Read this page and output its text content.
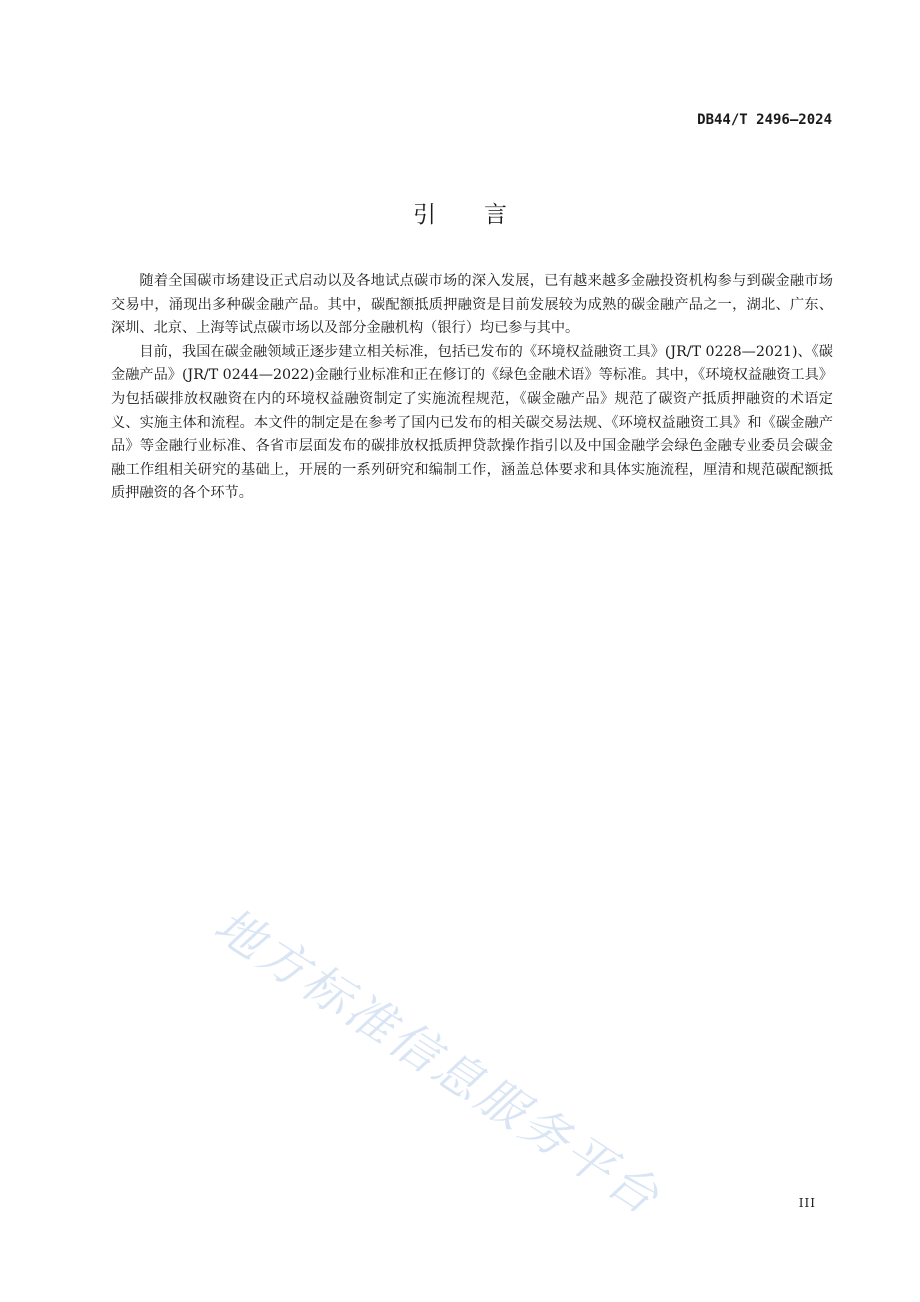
DB44/T 2496—2024
引 言

随着全国碳市场建设正式启动以及各地试点碳市场的深入发展，已有越来越多金融投资机构参与到碳金融市场交易中，涌现出多种碳金融产品。其中，碳配额抵质押融资是目前发展较为成熟的碳金融产品之一，湖北、广东、深圳、北京、上海等试点碳市场以及部分金融机构（银行）均已参与其中。

目前，我国在碳金融领域正逐步建立相关标准，包括已发布的《环境权益融资工具》(JR/T 0228—2021)、《碳金融产品》(JR/T 0244—2022)金融行业标准和正在修订的《绿色金融术语》等标准。其中，《环境权益融资工具》为包括碳排放权融资在内的环境权益融资制定了实施流程规范，《碳金融产品》规范了碳资产抵质押融资的术语定义、实施主体和流程。本文件的制定是在参考了国内已发布的相关碳交易法规、《环境权益融资工具》和《碳金融产品》等金融行业标准、各省市层面发布的碳排放权抵质押贷款操作指引以及中国金融学会绿色金融专业委员会碳金融工作组相关研究的基础上，开展的一系列研究和编制工作，涵盖总体要求和具体实施流程，厘清和规范碳配额抵质押融资的各个环节。

地方标准信息服务平台	III
